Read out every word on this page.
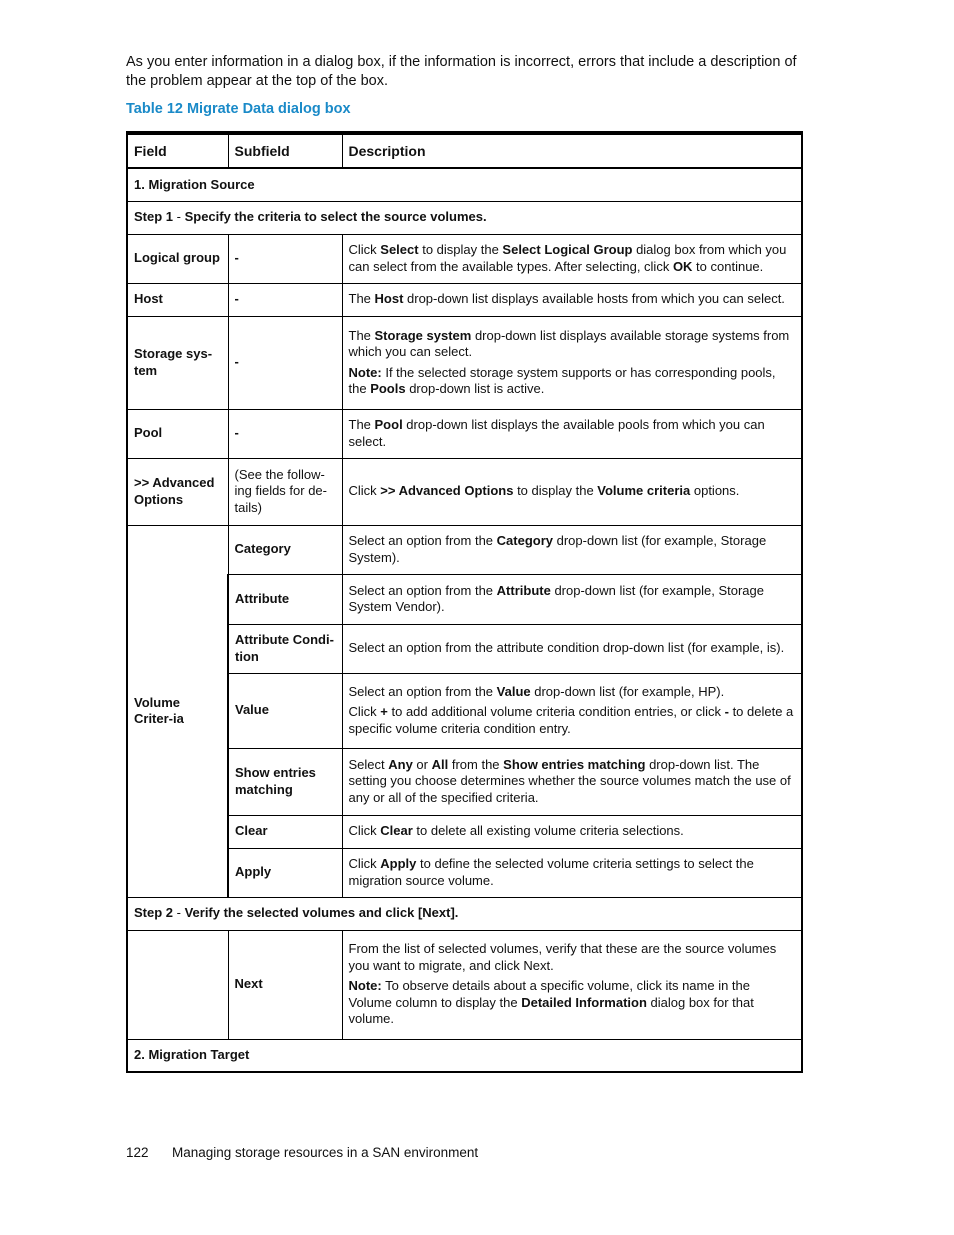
As you enter information in a dialog box, if the information is incorrect, errors that include a description of the problem appear at the top of the box.

Table 12 Migrate Data dialog box

Field	Subfield	Description
1. Migration Source		
Step 1 - Specify the criteria to select the source volumes.		
Logical group	-	Click Select to display the Select Logical Group dialog box from which you can select from the available types. After selecting, click OK to continue.

Host	-	The Host drop-down list displays available hosts from which you can select.

Storage sys-tem	-	The Storage system drop-down list displays available storage systems from which you can select.

Note: If the selected storage system supports or has corresponding pools, the Pools drop-down list is active.

Pool	-	The Pool drop-down list displays the available pools from which you can select.

>> Advanced Options	(See the follow-ing fields for de-tails)	Click >> Advanced Options to display the Volume criteria options.

Volume Criter-ia	Category	Select an option from the Category drop-down list (for example, Storage System).

	Attribute	Select an option from the Attribute drop-down list (for example, Storage System Vendor).

	Attribute Condi-tion	Select an option from the attribute condition drop-down list (for example, is).

	Value	Select an option from the Value drop-down list (for example, HP).

Click + to add additional volume criteria condition entries, or click - to delete a specific volume criteria condition entry.

	Show entries matching	Select Any or All from the Show entries matching drop-down list. The setting you choose determines whether the source volumes match the use of any or all of the specified criteria.

	Clear	Click Clear to delete all existing volume criteria selections.

	Apply	Click Apply to define the selected volume criteria settings to select the migration source volume.

Step 2 - Verify the selected volumes and click [Next].		
	Next	From the list of selected volumes, verify that these are the source volumes you want to migrate, and click Next.

Note: To observe details about a specific volume, click its name in the Volume column to display the Detailed Information dialog box for that volume.

2. Migration Target		

122 Managing storage resources in a SAN environment
